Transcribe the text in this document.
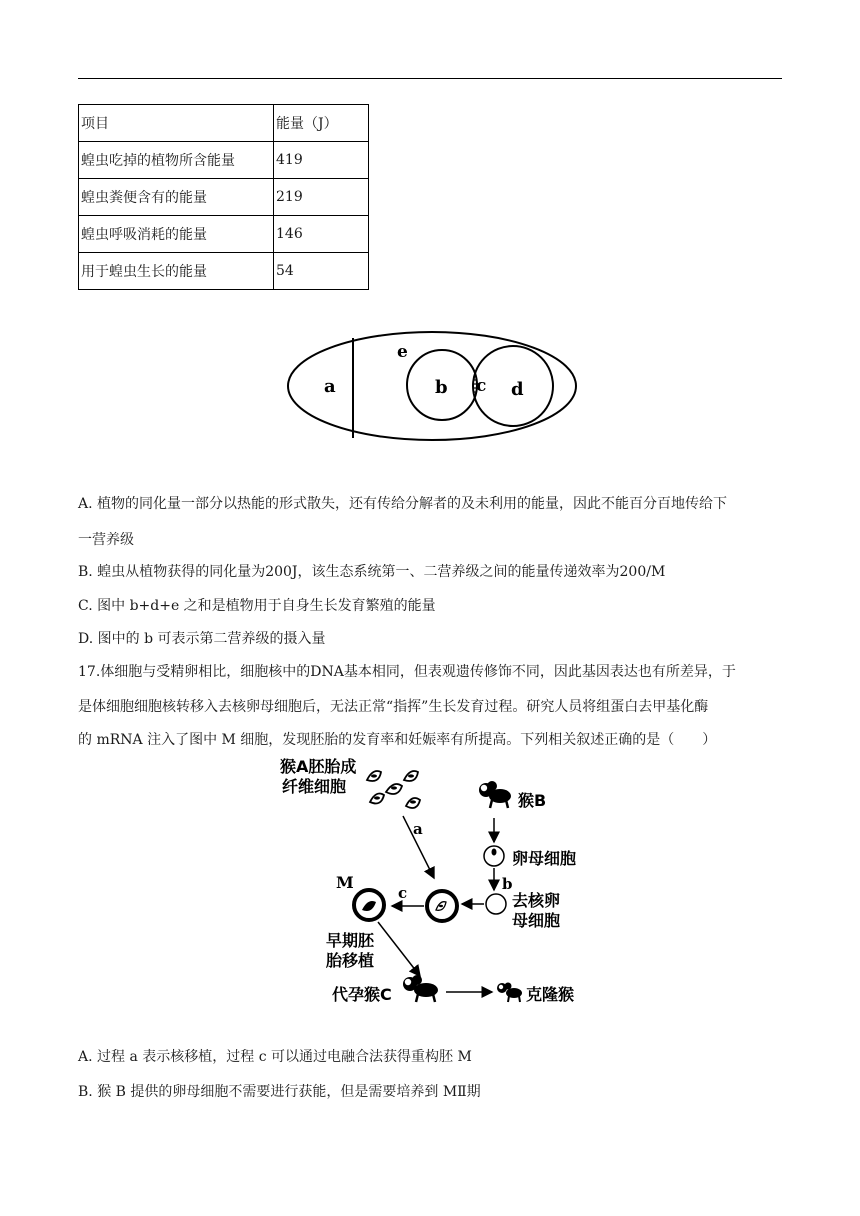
项目	能量（J）
蝗虫吃掉的植物所含能量	419
蝗虫粪便含有的能量	219
蝗虫呼吸消耗的能量	146
用于蝗虫生长的能量	54
a
e
b c d
A. 植物的同化量一部分以热能的形式散失，还有传给分解者的及未利用的能量，因此不能百分百地传给下
一营养级
B. 蝗虫从植物获得的同化量为200J，该生态系统第一、二营养级之间的能量传递效率为200/M
C. 图中 b+d+e 之和是植物用于自身生长发育繁殖的能量
D. 图中的 b 可表示第二营养级的摄入量
17.体细胞与受精卵相比，细胞核中的DNA基本相同，但表观遗传修饰不同，因此基因表达也有所差异，于
是体细胞细胞核转移入去核卵母细胞后，无法正常“指挥”生长发育过程。研究人员将组蛋白去甲基化酶
的 mRNA 注入了图中 M 细胞，发现胚胎的发育率和妊娠率有所提高。下列相关叙述正确的是（　　）
猴A胚胎成
纤维细胞
a
猴B
卵母细胞
b
去核卵
母细胞
c
M
早期胚
胎移植
代孕猴C	克隆猴
A. 过程 a 表示核移植，过程 c 可以通过电融合法获得重构胚 M
B. 猴 B 提供的卵母细胞不需要进行获能，但是需要培养到 MⅡ期
